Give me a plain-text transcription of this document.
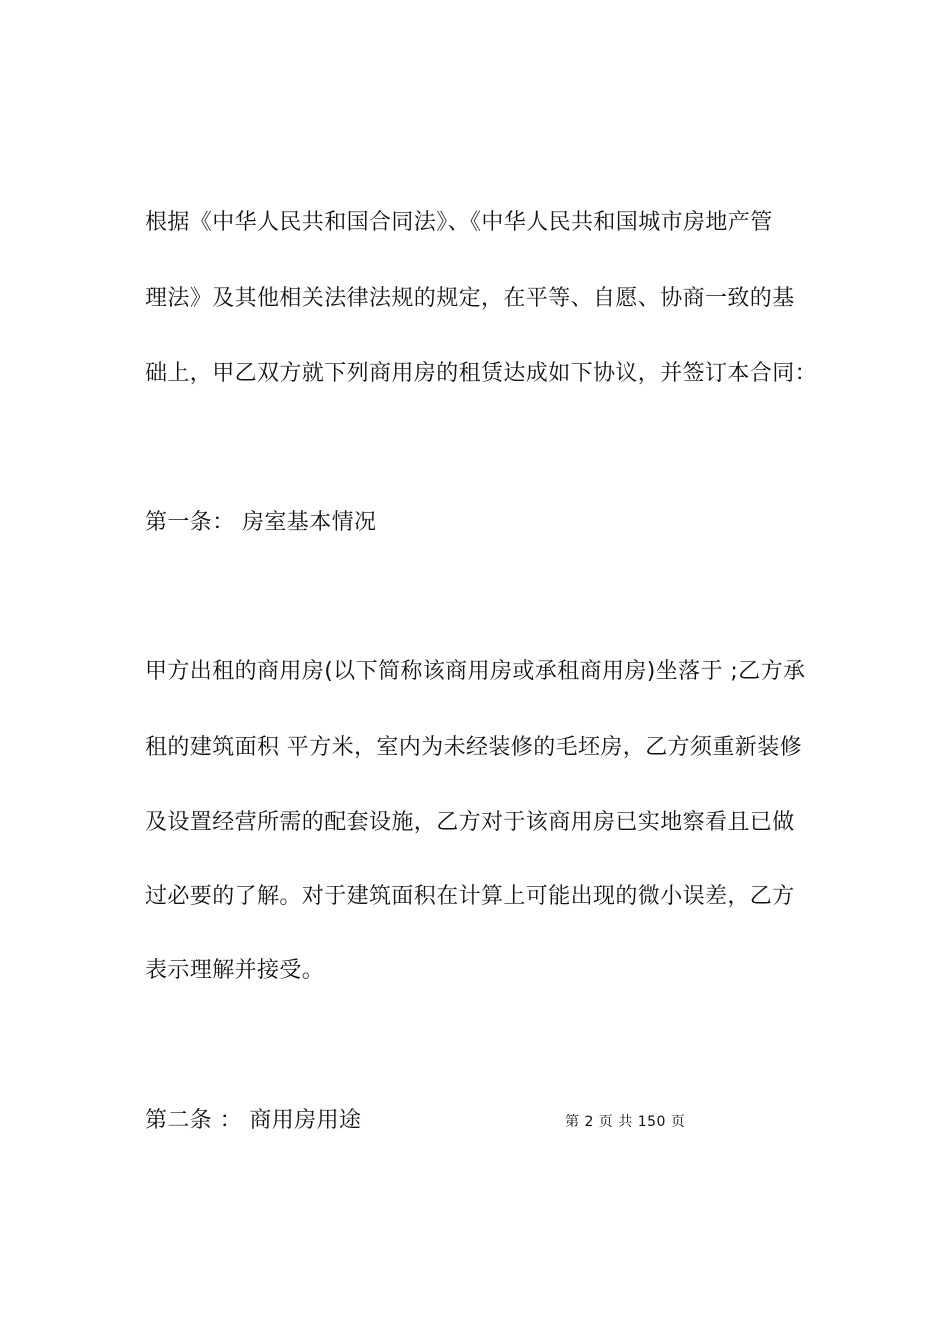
根据《中华人民共和国合同法》、《中华人民共和国城市房地产管
理法》及其他相关法律法规的规定，在平等、自愿、协商一致的基
础上，甲乙双方就下列商用房的租赁达成如下协议，并签订本合同：
第一条： 房室基本情况
甲方出租的商用房(以下简称该商用房或承租商用房)坐落于 ;乙方承
租的建筑面积 平方米，室内为未经装修的毛坯房，乙方须重新装修
及设置经营所需的配套设施，乙方对于该商用房已实地察看且已做
过必要的了解。对于建筑面积在计算上可能出现的微小误差，乙方
表示理解并接受。
第二条 ： 商用房用途	第 2 页 共 150 页
